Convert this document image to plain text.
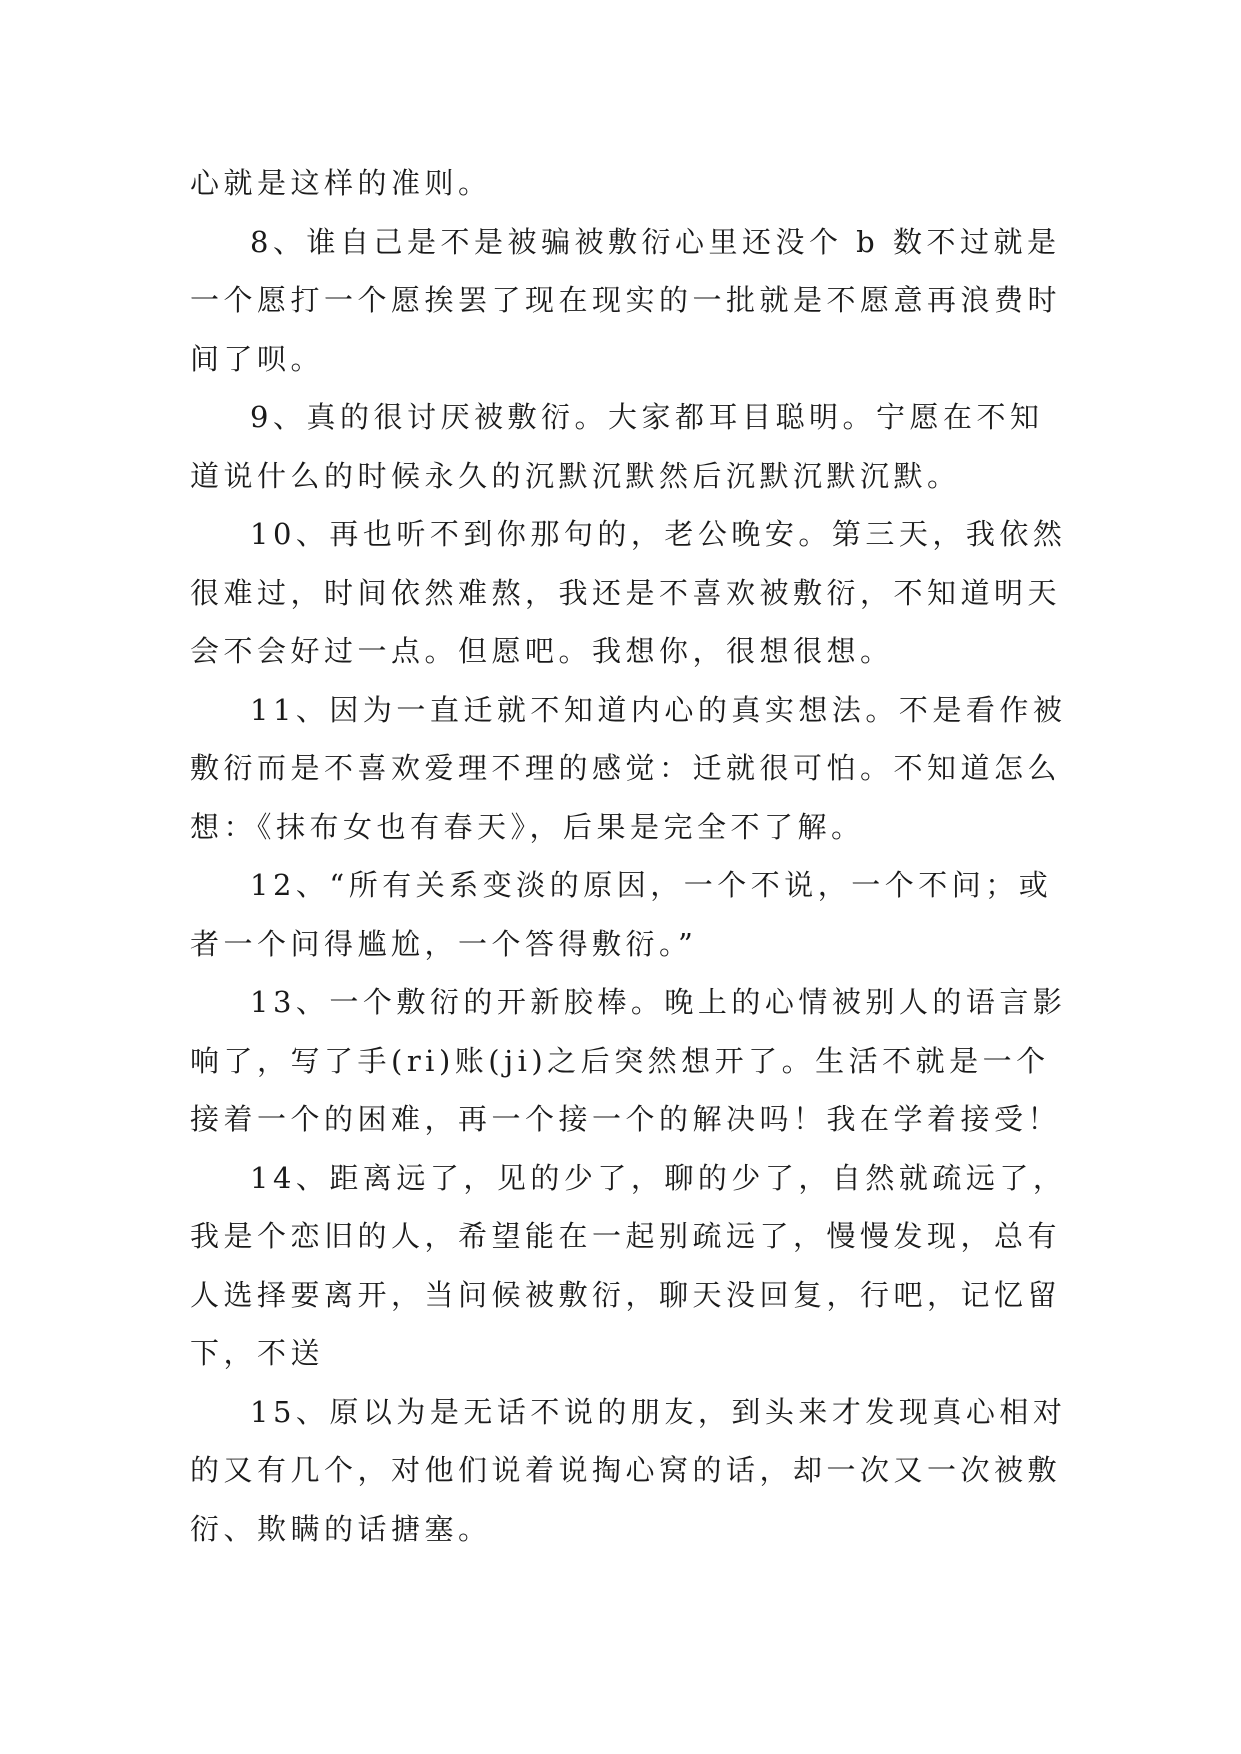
心就是这样的准则。

8、谁自己是不是被骗被敷衍心里还没个 b 数不过就是一个愿打一个愿挨罢了现在现实的一批就是不愿意再浪费时间了呗。

9、真的很讨厌被敷衍。大家都耳目聪明。宁愿在不知道说什么的时候永久的沉默沉默然后沉默沉默沉默。

10、再也听不到你那句的，老公晚安。第三天，我依然很难过，时间依然难熬，我还是不喜欢被敷衍，不知道明天会不会好过一点。但愿吧。我想你，很想很想。

11、因为一直迁就不知道内心的真实想法。不是看作被敷衍而是不喜欢爱理不理的感觉：迁就很可怕。不知道怎么想：《抹布女也有春天》，后果是完全不了解。

12、“所有关系变淡的原因，一个不说，一个不问；或者一个问得尴尬，一个答得敷衍。”

13、一个敷衍的开新胶棒。晚上的心情被别人的语言影响了，写了手(ri)账(ji)之后突然想开了。生活不就是一个接着一个的困难，再一个接一个的解决吗！我在学着接受！

14、距离远了，见的少了，聊的少了，自然就疏远了，我是个恋旧的人，希望能在一起别疏远了，慢慢发现，总有人选择要离开，当问候被敷衍，聊天没回复，行吧，记忆留下，不送

15、原以为是无话不说的朋友，到头来才发现真心相对的又有几个，对他们说着说掏心窝的话，却一次又一次被敷衍、欺瞒的话搪塞。
